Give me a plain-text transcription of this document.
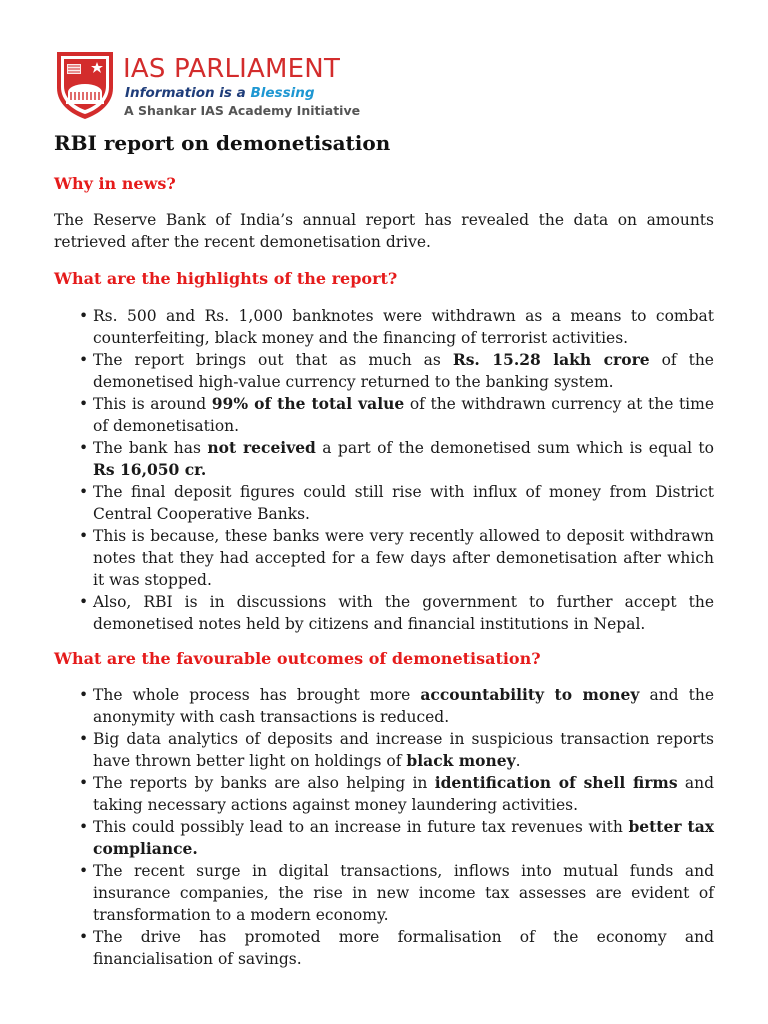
IAS PARLIAMENT
Information is a Blessing
A Shankar IAS Academy Initiative
RBI report on demonetisation
Why in news?

The Reserve Bank of India’s annual report has revealed the data on amounts retrieved after the recent demonetisation drive.

What are the highlights of the report?
• Rs. 500 and Rs. 1,000 banknotes were withdrawn as a means to combat counterfeiting, black money and the financing of terrorist activities.
• The report brings out that as much as Rs. 15.28 lakh crore of the demonetised high-value currency returned to the banking system.
• This is around 99% of the total value of the withdrawn currency at the time of demonetisation.
• The bank has not received a part of the demonetised sum which is equal to Rs 16,050 cr.
• The final deposit figures could still rise with influx of money from District Central Cooperative Banks.
• This is because, these banks were very recently allowed to deposit withdrawn notes that they had accepted for a few days after demonetisation after which it was stopped.
• Also, RBI is in discussions with the government to further accept the demonetised notes held by citizens and financial institutions in Nepal.
What are the favourable outcomes of demonetisation?
• The whole process has brought more accountability to money and the anonymity with cash transactions is reduced.
• Big data analytics of deposits and increase in suspicious transaction reports have thrown better light on holdings of black money.
• The reports by banks are also helping in identification of shell firms and taking necessary actions against money laundering activities.
• This could possibly lead to an increase in future tax revenues with better tax compliance.
• The recent surge in digital transactions, inflows into mutual funds and insurance companies, the rise in new income tax assesses are evident of transformation to a modern economy.
• The drive has promoted more formalisation of the economy and financialisation of savings.
